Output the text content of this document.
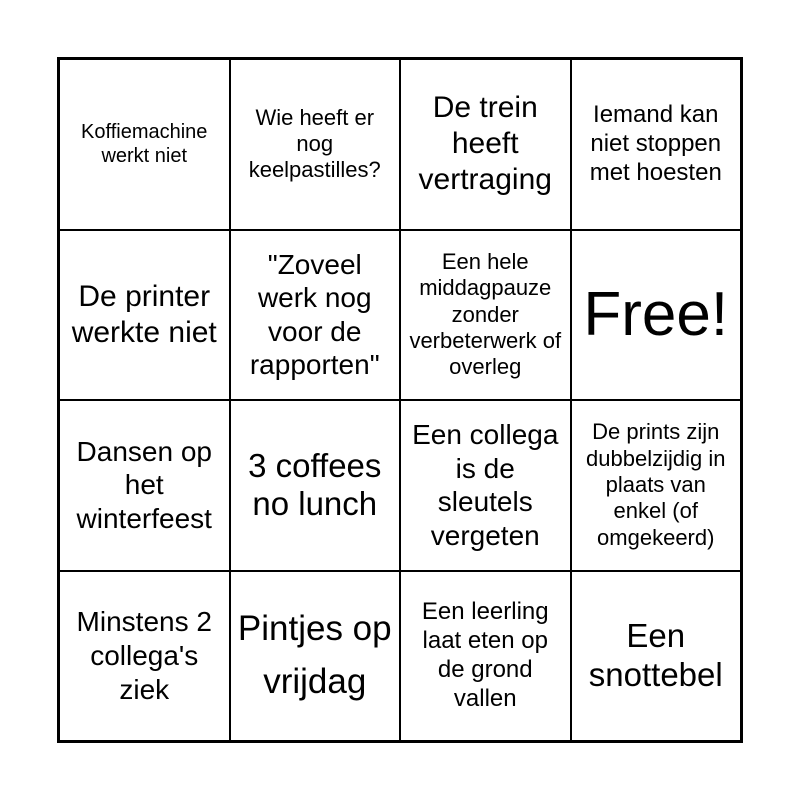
Koffiemachine werkt niet
Wie heeft er nog keelpastilles?
De trein heeft vertraging
Iemand kan niet stoppen met hoesten
De printer werkte niet
"Zoveel werk nog voor de rapporten"
Een hele middagpauze zonder verbeterwerk of overleg
Free!
Dansen op het winterfeest
3 coffees no lunch
Een collega is de sleutels vergeten
De prints zijn dubbelzijdig in plaats van enkel (of omgekeerd)
Minstens 2 collega's ziek
Pintjes op vrijdag
Een leerling laat eten op de grond vallen
Een snottebel
